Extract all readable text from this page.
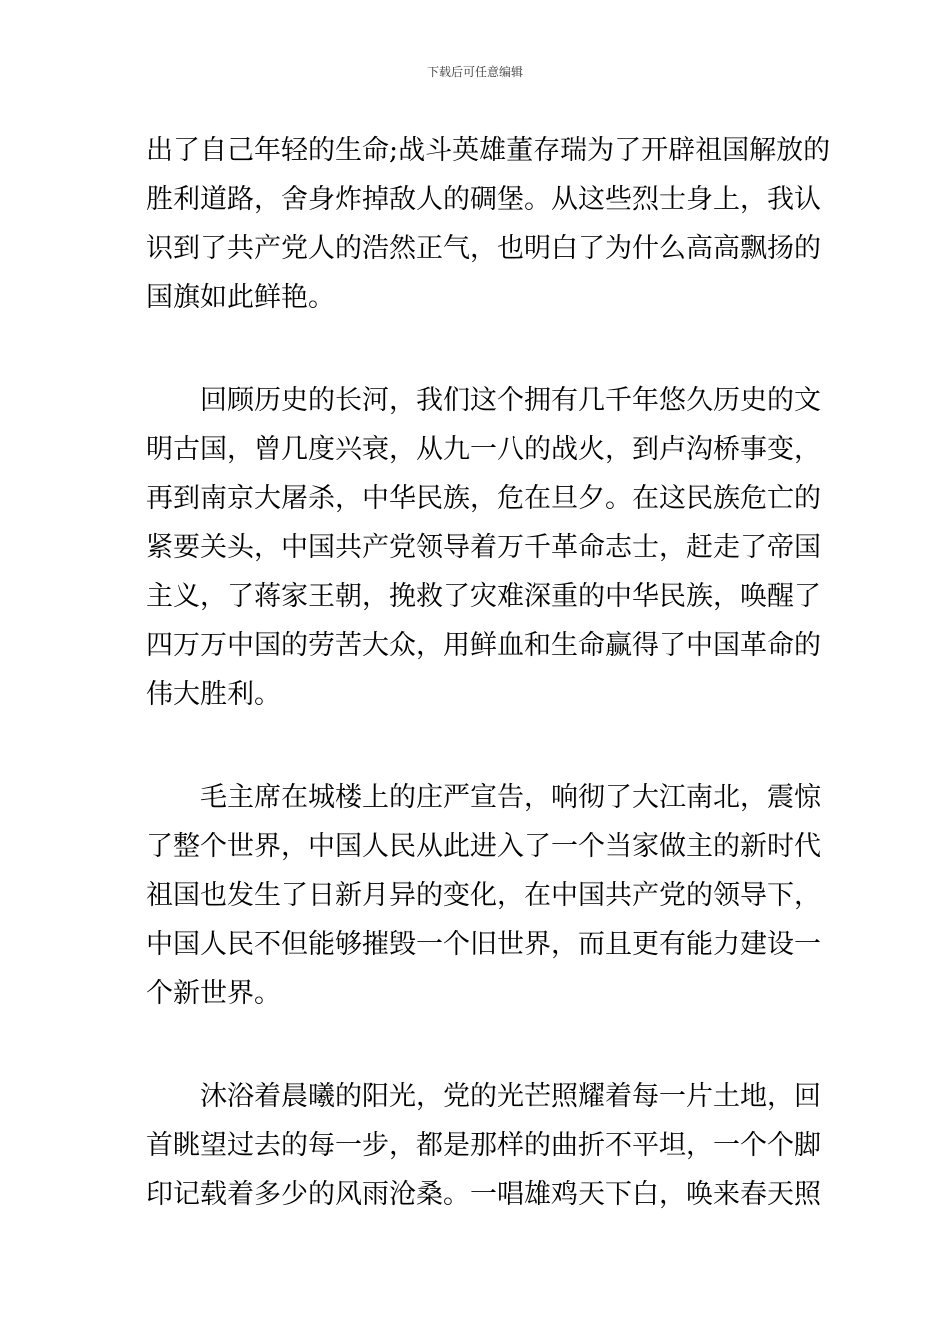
下载后可任意编辑

出了自己年轻的生命;战斗英雄董存瑞为了开辟祖国解放的
胜利道路，舍身炸掉敌人的碉堡。从这些烈士身上，我认
识到了共产党人的浩然正气，也明白了为什么高高飘扬的
国旗如此鲜艳。

回顾历史的长河，我们这个拥有几千年悠久历史的文
明古国，曾几度兴衰，从九一八的战火，到卢沟桥事变，
再到南京大屠杀，中华民族，危在旦夕。在这民族危亡的
紧要关头，中国共产党领导着万千革命志士，赶走了帝国
主义，了蒋家王朝，挽救了灾难深重的中华民族，唤醒了
四万万中国的劳苦大众，用鲜血和生命赢得了中国革命的
伟大胜利。

毛主席在城楼上的庄严宣告，响彻了大江南北，震惊
了整个世界，中国人民从此进入了一个当家做主的新时代
祖国也发生了日新月异的变化，在中国共产党的领导下，
中国人民不但能够摧毁一个旧世界，而且更有能力建设一
个新世界。

沐浴着晨曦的阳光，党的光芒照耀着每一片土地，回
首眺望过去的每一步，都是那样的曲折不平坦，一个个脚
印记载着多少的风雨沧桑。一唱雄鸡天下白，唤来春天照
